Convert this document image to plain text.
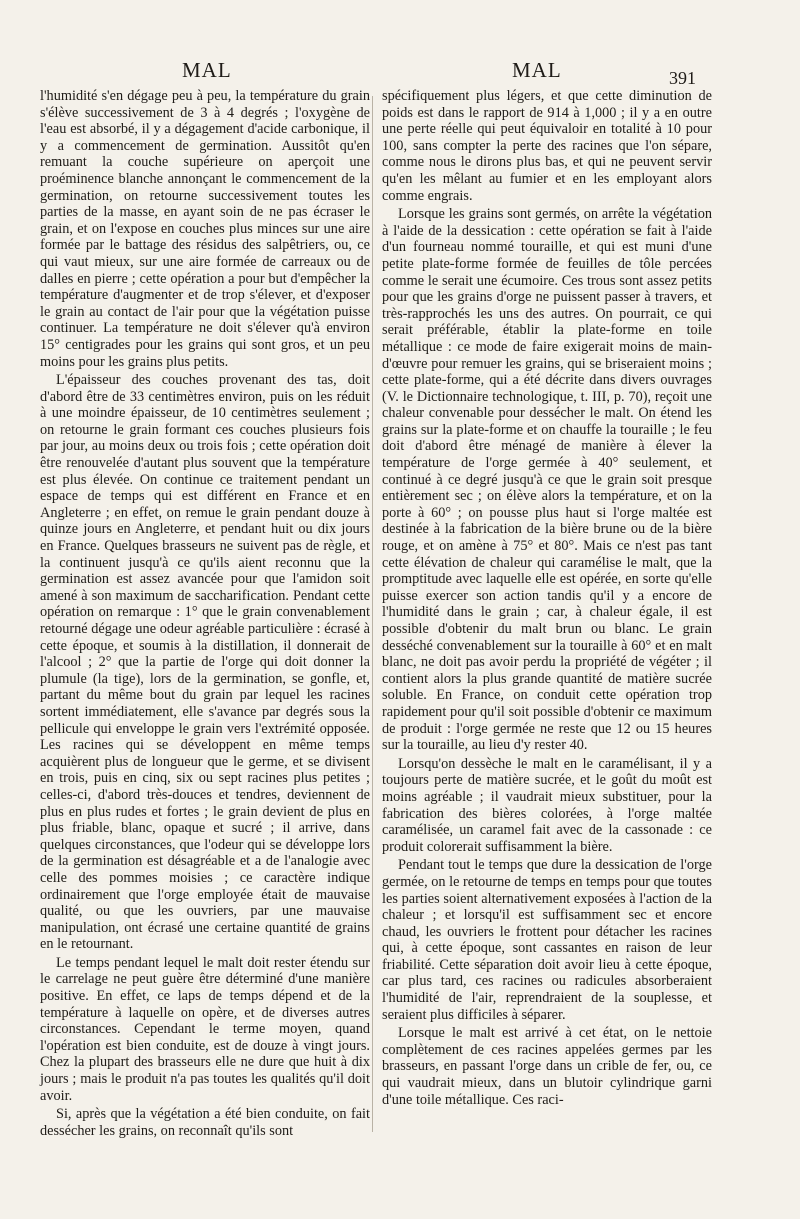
MAL	MAL	391

l'humidité s'en dégage peu à peu, la température du grain s'élève successivement de 3 à 4 degrés ; l'oxygène de l'eau est absorbé, il y a dégagement d'acide carbonique, il y a commencement de germination. Aussitôt qu'en remuant la couche supérieure on aperçoit une proéminence blanche annonçant le commencement de la germination, on retourne successivement toutes les parties de la masse, en ayant soin de ne pas écraser le grain, et on l'expose en couches plus minces sur une aire formée par le battage des résidus des salpêtriers, ou, ce qui vaut mieux, sur une aire formée de carreaux ou de dalles en pierre ; cette opération a pour but d'empêcher la température d'augmenter et de trop s'élever, et d'exposer le grain au contact de l'air pour que la végétation puisse continuer. La température ne doit s'élever qu'à environ 15° centigrades pour les grains qui sont gros, et un peu moins pour les grains plus petits.

L'épaisseur des couches provenant des tas, doit d'abord être de 33 centimètres environ, puis on les réduit à une moindre épaisseur, de 10 centimètres seulement ; on retourne le grain formant ces couches plusieurs fois par jour, au moins deux ou trois fois ; cette opération doit être renouvelée d'autant plus souvent que la température est plus élevée. On continue ce traitement pendant un espace de temps qui est différent en France et en Angleterre ; en effet, on remue le grain pendant douze à quinze jours en Angleterre, et pendant huit ou dix jours en France. Quelques brasseurs ne suivent pas de règle, et la continuent jusqu'à ce qu'ils aient reconnu que la germination est assez avancée pour que l'amidon soit amené à son maximum de saccharification. Pendant cette opération on remarque : 1° que le grain convenablement retourné dégage une odeur agréable particulière : écrasé à cette époque, et soumis à la distillation, il donnerait de l'alcool ; 2° que la partie de l'orge qui doit donner la plumule (la tige), lors de la germination, se gonfle, et, partant du même bout du grain par lequel les racines sortent immédiatement, elle s'avance par degrés sous la pellicule qui enveloppe le grain vers l'extrémité opposée. Les racines qui se développent en même temps acquièrent plus de longueur que le germe, et se divisent en trois, puis en cinq, six ou sept racines plus petites ; celles-ci, d'abord très-douces et tendres, deviennent de plus en plus rudes et fortes ; le grain devient de plus en plus friable, blanc, opaque et sucré ; il arrive, dans quelques circonstances, que l'odeur qui se développe lors de la germination est désagréable et a de l'analogie avec celle des pommes moisies ; ce caractère indique ordinairement que l'orge employée était de mauvaise qualité, ou que les ouvriers, par une mauvaise manipulation, ont écrasé une certaine quantité de grains en le retournant.

Le temps pendant lequel le malt doit rester étendu sur le carrelage ne peut guère être déterminé d'une manière positive. En effet, ce laps de temps dépend et de la température à laquelle on opère, et de diverses autres circonstances. Cependant le terme moyen, quand l'opération est bien conduite, est de douze à vingt jours. Chez la plupart des brasseurs elle ne dure que huit à dix jours ; mais le produit n'a pas toutes les qualités qu'il doit avoir.

Si, après que la végétation a été bien conduite, on fait dessécher les grains, on reconnaît qu'ils sont

spécifiquement plus légers, et que cette diminution de poids est dans le rapport de 914 à 1,000 ; il y a en outre une perte réelle qui peut équivaloir en totalité à 10 pour 100, sans compter la perte des racines que l'on sépare, comme nous le dirons plus bas, et qui ne peuvent servir qu'en les mêlant au fumier et en les employant alors comme engrais.

Lorsque les grains sont germés, on arrête la végétation à l'aide de la dessication : cette opération se fait à l'aide d'un fourneau nommé touraille, et qui est muni d'une petite plate-forme formée de feuilles de tôle percées comme le serait une écumoire. Ces trous sont assez petits pour que les grains d'orge ne puissent passer à travers, et très-rapprochés les uns des autres. On pourrait, ce qui serait préférable, établir la plate-forme en toile métallique : ce mode de faire exigerait moins de main-d'œuvre pour remuer les grains, qui se briseraient moins ; cette plate-forme, qui a été décrite dans divers ouvrages (V. le Dictionnaire technologique, t. III, p. 70), reçoit une chaleur convenable pour dessécher le malt. On étend les grains sur la plate-forme et on chauffe la touraille ; le feu doit d'abord être ménagé de manière à élever la température de l'orge germée à 40° seulement, et continué à ce degré jusqu'à ce que le grain soit presque entièrement sec ; on élève alors la température, et on la porte à 60° ; on pousse plus haut si l'orge maltée est destinée à la fabrication de la bière brune ou de la bière rouge, et on amène à 75° et 80°. Mais ce n'est pas tant cette élévation de chaleur qui caramélise le malt, que la promptitude avec laquelle elle est opérée, en sorte qu'elle puisse exercer son action tandis qu'il y a encore de l'humidité dans le grain ; car, à chaleur égale, il est possible d'obtenir du malt brun ou blanc. Le grain desséché convenablement sur la touraille à 60° et en malt blanc, ne doit pas avoir perdu la propriété de végéter ; il contient alors la plus grande quantité de matière sucrée soluble. En France, on conduit cette opération trop rapidement pour qu'il soit possible d'obtenir ce maximum de produit : l'orge germée ne reste que 12 ou 15 heures sur la touraille, au lieu d'y rester 40.

Lorsqu'on dessèche le malt en le caramélisant, il y a toujours perte de matière sucrée, et le goût du moût est moins agréable ; il vaudrait mieux substituer, pour la fabrication des bières colorées, à l'orge maltée caramélisée, un caramel fait avec de la cassonade : ce produit colorerait suffisamment la bière.

Pendant tout le temps que dure la dessication de l'orge germée, on le retourne de temps en temps pour que toutes les parties soient alternativement exposées à l'action de la chaleur ; et lorsqu'il est suffisamment sec et encore chaud, les ouvriers le frottent pour détacher les racines qui, à cette époque, sont cassantes en raison de leur friabilité. Cette séparation doit avoir lieu à cette époque, car plus tard, ces racines ou radicules absorberaient l'humidité de l'air, reprendraient de la souplesse, et seraient plus difficiles à séparer.

Lorsque le malt est arrivé à cet état, on le nettoie complètement de ces racines appelées germes par les brasseurs, en passant l'orge dans un crible de fer, ou, ce qui vaudrait mieux, dans un blutoir cylindrique garni d'une toile métallique. Ces raci-
